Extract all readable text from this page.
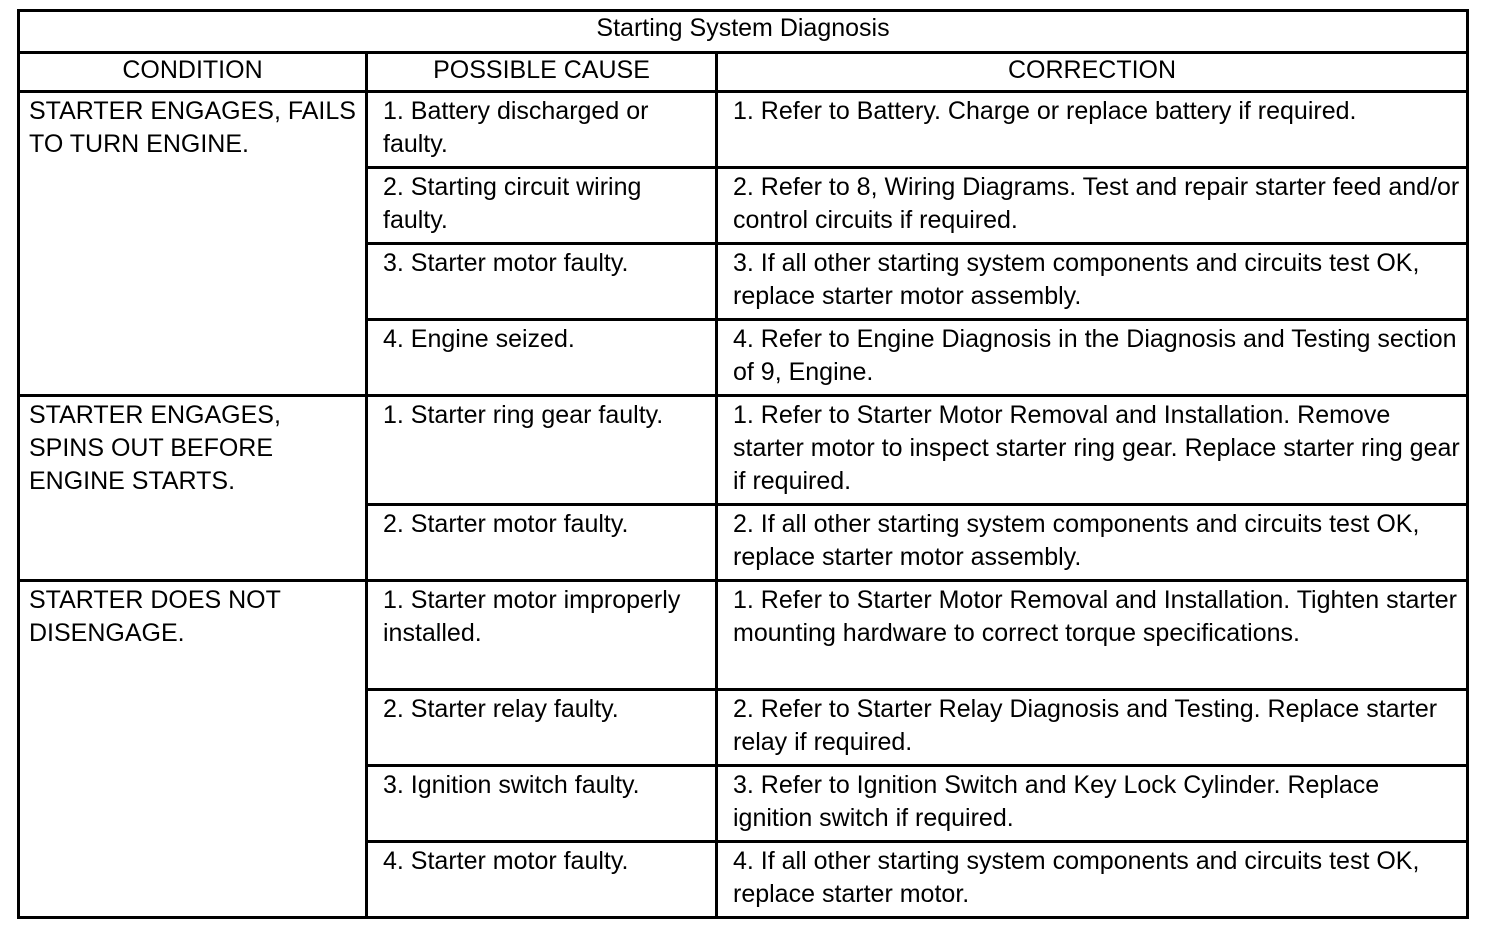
Starting System Diagnosis		
CONDITION	POSSIBLE CAUSE	CORRECTION
STARTER ENGAGES, FAILS TO TURN ENGINE.	1. Battery discharged or faulty.	1. Refer to Battery. Charge or replace battery if required.
	2. Starting circuit wiring faulty.	2. Refer to 8, Wiring Diagrams. Test and repair starter feed and/or control circuits if required.
	3. Starter motor faulty.	3. If all other starting system components and circuits test OK, replace starter motor assembly.
	4. Engine seized.	4. Refer to Engine Diagnosis in the Diagnosis and Testing section of 9, Engine.
STARTER ENGAGES, SPINS OUT BEFORE ENGINE STARTS.	1. Starter ring gear faulty.	1. Refer to Starter Motor Removal and Installation. Remove starter motor to inspect starter ring gear. Replace starter ring gear if required.
	2. Starter motor faulty.	2. If all other starting system components and circuits test OK, replace starter motor assembly.
STARTER DOES NOT DISENGAGE.	1. Starter motor improperly installed.	1. Refer to Starter Motor Removal and Installation. Tighten starter mounting hardware to correct torque specifications.
	2. Starter relay faulty.	2. Refer to Starter Relay Diagnosis and Testing. Replace starter relay if required.
	3. Ignition switch faulty.	3. Refer to Ignition Switch and Key Lock Cylinder. Replace ignition switch if required.
	4. Starter motor faulty.	4. If all other starting system components and circuits test OK, replace starter motor.
